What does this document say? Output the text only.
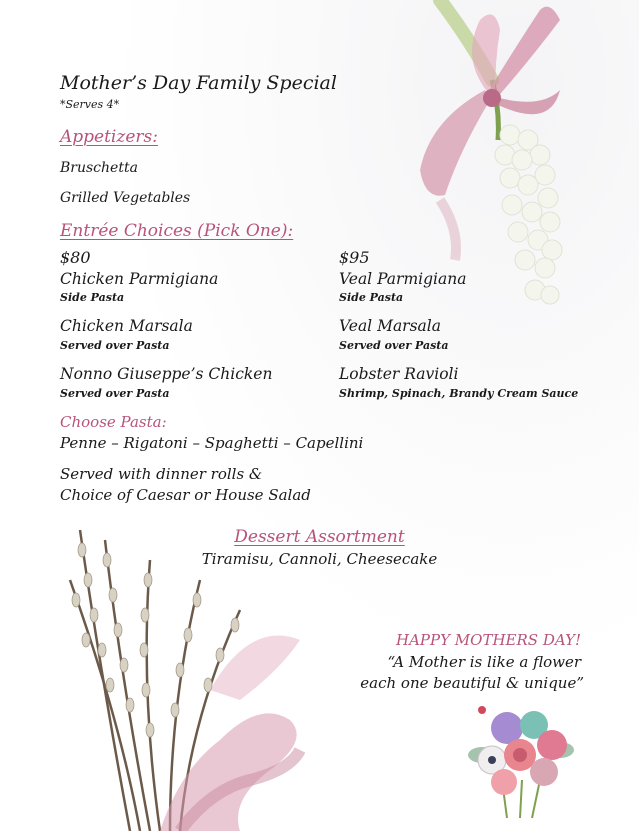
Mother’s Day Family Special

*Serves 4*

Appetizers:

Bruschetta

Grilled Vegetables

Entrée Choices (Pick One):

$80	$95

Chicken Parmigiana

Side Pasta

Chicken Marsala

Served over Pasta

Nonno Giuseppe’s Chicken

Served over Pasta

Veal Parmigiana

Side Pasta

Veal Marsala

Served over Pasta

Lobster Ravioli

Shrimp, Spinach, Brandy Cream Sauce

Choose Pasta:

Penne – Rigatoni – Spaghetti – Capellini

Served with dinner rolls &

Choice of Caesar or House Salad

Dessert Assortment

Tiramisu, Cannoli, Cheesecake

HAPPY MOTHERS DAY!

“A Mother is like a flower

each one beautiful & unique”
